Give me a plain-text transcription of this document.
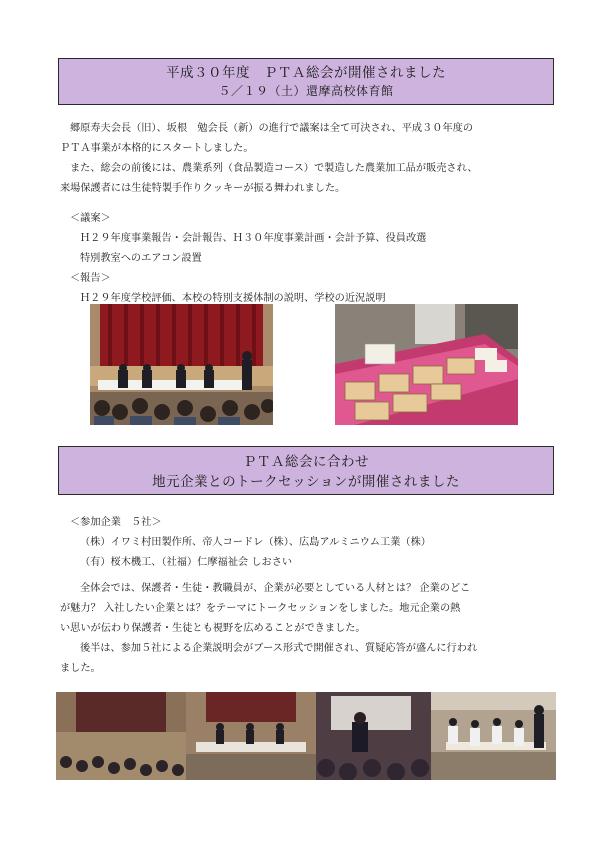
平成３０年度　ＰＴＡ総会が開催されました
５／１９（土）還摩高校体育館
郷原寿夫会長（旧）、坂根　勉会長（新）の進行で議案は全て可決され、平成３０年度の
ＰＴＡ事業が本格的にスタートしました。
また、総会の前後には、農業系列（食品製造コース）で製造した農業加工品が販売され、
来場保護者には生徒特製手作りクッキーが振る舞われました。
＜議案＞
Ｈ２９年度事業報告・会計報告、Ｈ３０年度事業計画・会計予算、役員改選
特別教室へのエアコン設置
＜報告＞
Ｈ２９年度学校評価、本校の特別支援体制の説明、学校の近況説明
ＰＴＡ総会に合わせ
地元企業とのトークセッションが開催されました
＜参加企業　５社＞
（株）イワミ村田製作所、帝人コードレ（株）、広島アルミニウム工業（株）
（有）桜木機工、（社福）仁摩福祉会 しおさい
全体会では、保護者・生徒・教職員が、企業が必要としている人材とは？ 企業のどこ
が魅力？ 入社したい企業とは？をテーマにトークセッションをしました。地元企業の熱
い思いが伝わり保護者・生徒とも視野を広めることができました。
後半は、参加５社による企業説明会がブース形式で開催され、質疑応答が盛んに行われ
ました。
